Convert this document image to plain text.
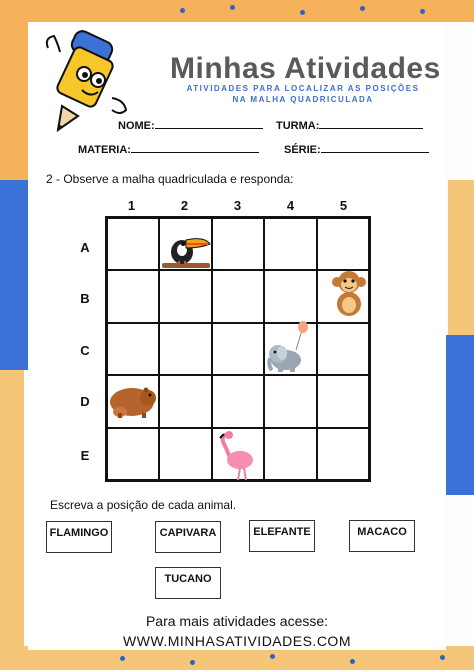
Minhas Atividades
ATIVIDADES PARA LOCALIZAR AS POSIÇÕES NA MALHA QUADRICULADA
NOME:	TURMA:
MATERIA:	SÉRIE:
2 - Observe a malha quadriculada e responda:
1	2	3	4	5
A
B
C
D
E
Escreva a posição de cada animal.
FLAMINGO	CAPIVARA	ELEFANTE	MACACO
TUCANO
Para mais atividades acesse:
WWW.MINHASATIVIDADES.COM
